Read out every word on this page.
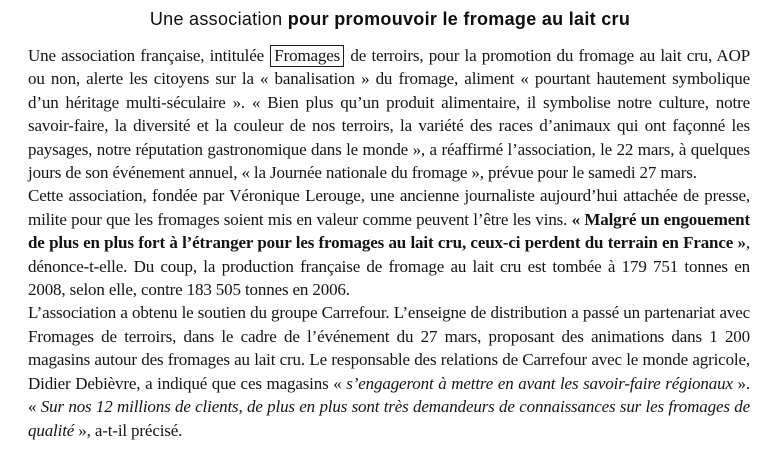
Une association pour promouvoir le fromage au lait cru

Une association française, intitulée Fromages de terroirs, pour la promotion du fromage au lait cru, AOP ou non, alerte les citoyens sur la « banalisation » du fromage, aliment « pourtant hautement symbolique d’un héritage multi-séculaire ». « Bien plus qu’un produit alimentaire, il symbolise notre culture, notre savoir-faire, la diversité et la couleur de nos terroirs, la variété des races d’animaux qui ont façonné les paysages, notre réputation gastronomique dans le monde », a réaffirmé l’association, le 22 mars, à quelques jours de son événement annuel, « la Journée nationale du fromage », prévue pour le samedi 27 mars.

Cette association, fondée par Véronique Lerouge, une ancienne journaliste aujourd’hui attachée de presse, milite pour que les fromages soient mis en valeur comme peuvent l’être les vins. « Malgré un engouement de plus en plus fort à l’étranger pour les fromages au lait cru, ceux-ci perdent du terrain en France », dénonce-t-elle. Du coup, la production française de fromage au lait cru est tombée à 179 751 tonnes en 2008, selon elle, contre 183 505 tonnes en 2006.

L’association a obtenu le soutien du groupe Carrefour. L’enseigne de distribution a passé un partenariat avec Fromages de terroirs, dans le cadre de l’événement du 27 mars, proposant des animations dans 1 200 magasins autour des fromages au lait cru. Le responsable des relations de Carrefour avec le monde agricole, Didier Debièvre, a indiqué que ces magasins « s’engageront à mettre en avant les savoir-faire régionaux ». « Sur nos 12 millions de clients, de plus en plus sont très demandeurs de connaissances sur les fromages de qualité », a-t-il précisé.
